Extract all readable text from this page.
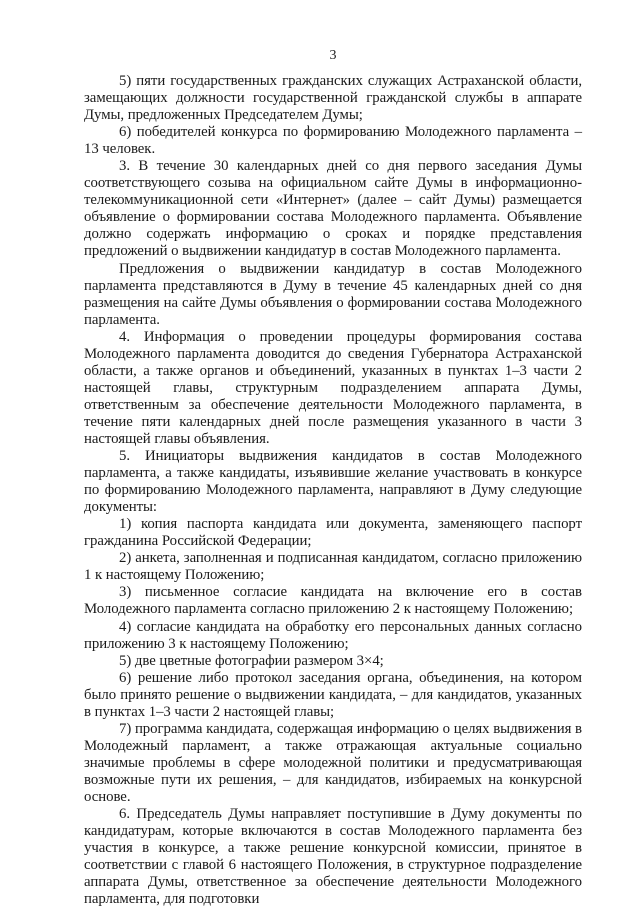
3

5) пяти государственных гражданских служащих Астраханской области, замещающих должности государственной гражданской службы в аппарате Думы, предложенных Председателем Думы;

6) победителей конкурса по формированию Молодежного парламента – 13 человек.

3. В течение 30 календарных дней со дня первого заседания Думы соответствующего созыва на официальном сайте Думы в информационно-телекоммуникационной сети «Интернет» (далее – сайт Думы) размещается объявление о формировании состава Молодежного парламента. Объявление должно содержать информацию о сроках и порядке представления предложений о выдвижении кандидатур в состав Молодежного парламента.

Предложения о выдвижении кандидатур в состав Молодежного парламента представляются в Думу в течение 45 календарных дней со дня размещения на сайте Думы объявления о формировании состава Молодежного парламента.

4. Информация о проведении процедуры формирования состава Молодежного парламента доводится до сведения Губернатора Астраханской области, а также органов и объединений, указанных в пунктах 1–3 части 2 настоящей главы, структурным подразделением аппарата Думы, ответственным за обеспечение деятельности Молодежного парламента, в течение пяти календарных дней после размещения указанного в части 3 настоящей главы объявления.

5. Инициаторы выдвижения кандидатов в состав Молодежного парламента, а также кандидаты, изъявившие желание участвовать в конкурсе по формированию Молодежного парламента, направляют в Думу следующие документы:

1) копия паспорта кандидата или документа, заменяющего паспорт гражданина Российской Федерации;

2) анкета, заполненная и подписанная кандидатом, согласно приложению 1 к настоящему Положению;

3) письменное согласие кандидата на включение его в состав Молодежного парламента согласно приложению 2 к настоящему Положению;

4) согласие кандидата на обработку его персональных данных согласно приложению 3 к настоящему Положению;

5) две цветные фотографии размером 3×4;

6) решение либо протокол заседания органа, объединения, на котором было принято решение о выдвижении кандидата, – для кандидатов, указанных в пунктах 1–3 части 2 настоящей главы;

7) программа кандидата, содержащая информацию о целях выдвижения в Молодежный парламент, а также отражающая актуальные социально значимые проблемы в сфере молодежной политики и предусматривающая возможные пути их решения, – для кандидатов, избираемых на конкурсной основе.

6. Председатель Думы направляет поступившие в Думу документы по кандидатурам, которые включаются в состав Молодежного парламента без участия в конкурсе, а также решение конкурсной комиссии, принятое в соответствии с главой 6 настоящего Положения, в структурное подразделение аппарата Думы, ответственное за обеспечение деятельности Молодежного парламента, для подготовки
